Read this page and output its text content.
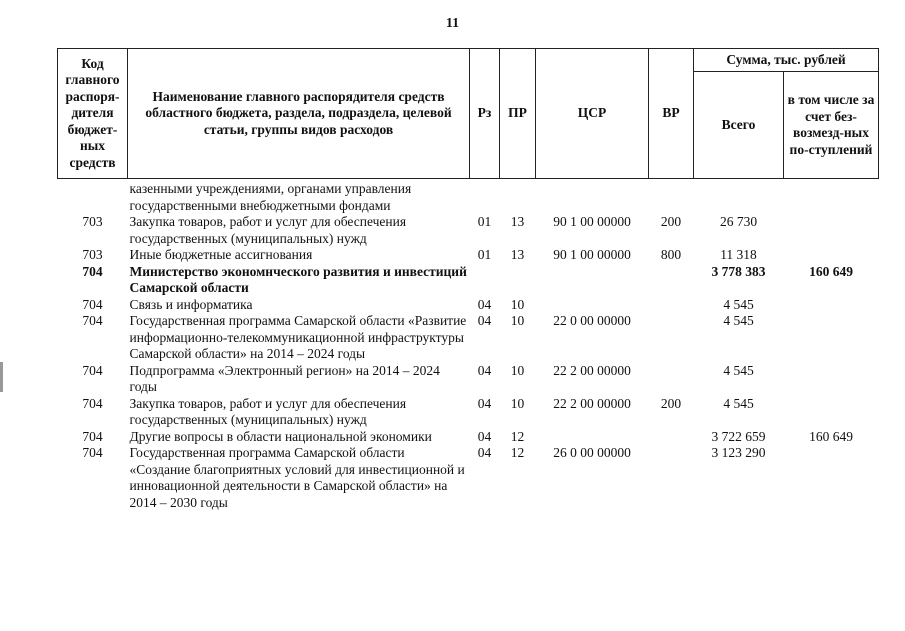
11
Код главного распоря-дителя бюджет-ных средств	Наименование главного распорядителя средств областного бюджета, раздела, подраздела, целевой статьи, группы видов расходов	Рз	ПР	ЦСР	ВР	Сумма, тыс. рублей	
						Всего	в том числе за счет без-возмезд-ных по-ступлений
	казенными учреждениями, органами управления государственными внебюджетными фондами						
703	Закупка товаров, работ и услуг для обеспечения государственных (муниципальных) нужд	01	13	90 1 00 00000	200	26 730	
703	Иные бюджетные ассигнования	01	13	90 1 00 00000	800	11 318	
704	Министерство экономнческого развития и инвестиций Самарской области					3 778 383	160 649
704	Связь и информатика	04	10			4 545	
704	Государственная программа Самарской области «Развитие информационно-телекоммуникационной инфраструктуры Самарской области» на 2014 – 2024 годы	04	10	22 0 00 00000		4 545	
704	Подпрограмма «Электронный регион» на 2014 – 2024 годы	04	10	22 2 00 00000		4 545	
704	Закупка товаров, работ и услуг для обеспечения государственных (муниципальных) нужд	04	10	22 2 00 00000	200	4 545	
704	Другие вопросы в области национальной экономики	04	12			3 722 659	160 649
704	Государственная программа Самарской области «Создание благоприятных условий для инвестиционной и инновационной деятельности в Самарской области» на 2014 – 2030 годы	04	12	26 0 00 00000		3 123 290	
